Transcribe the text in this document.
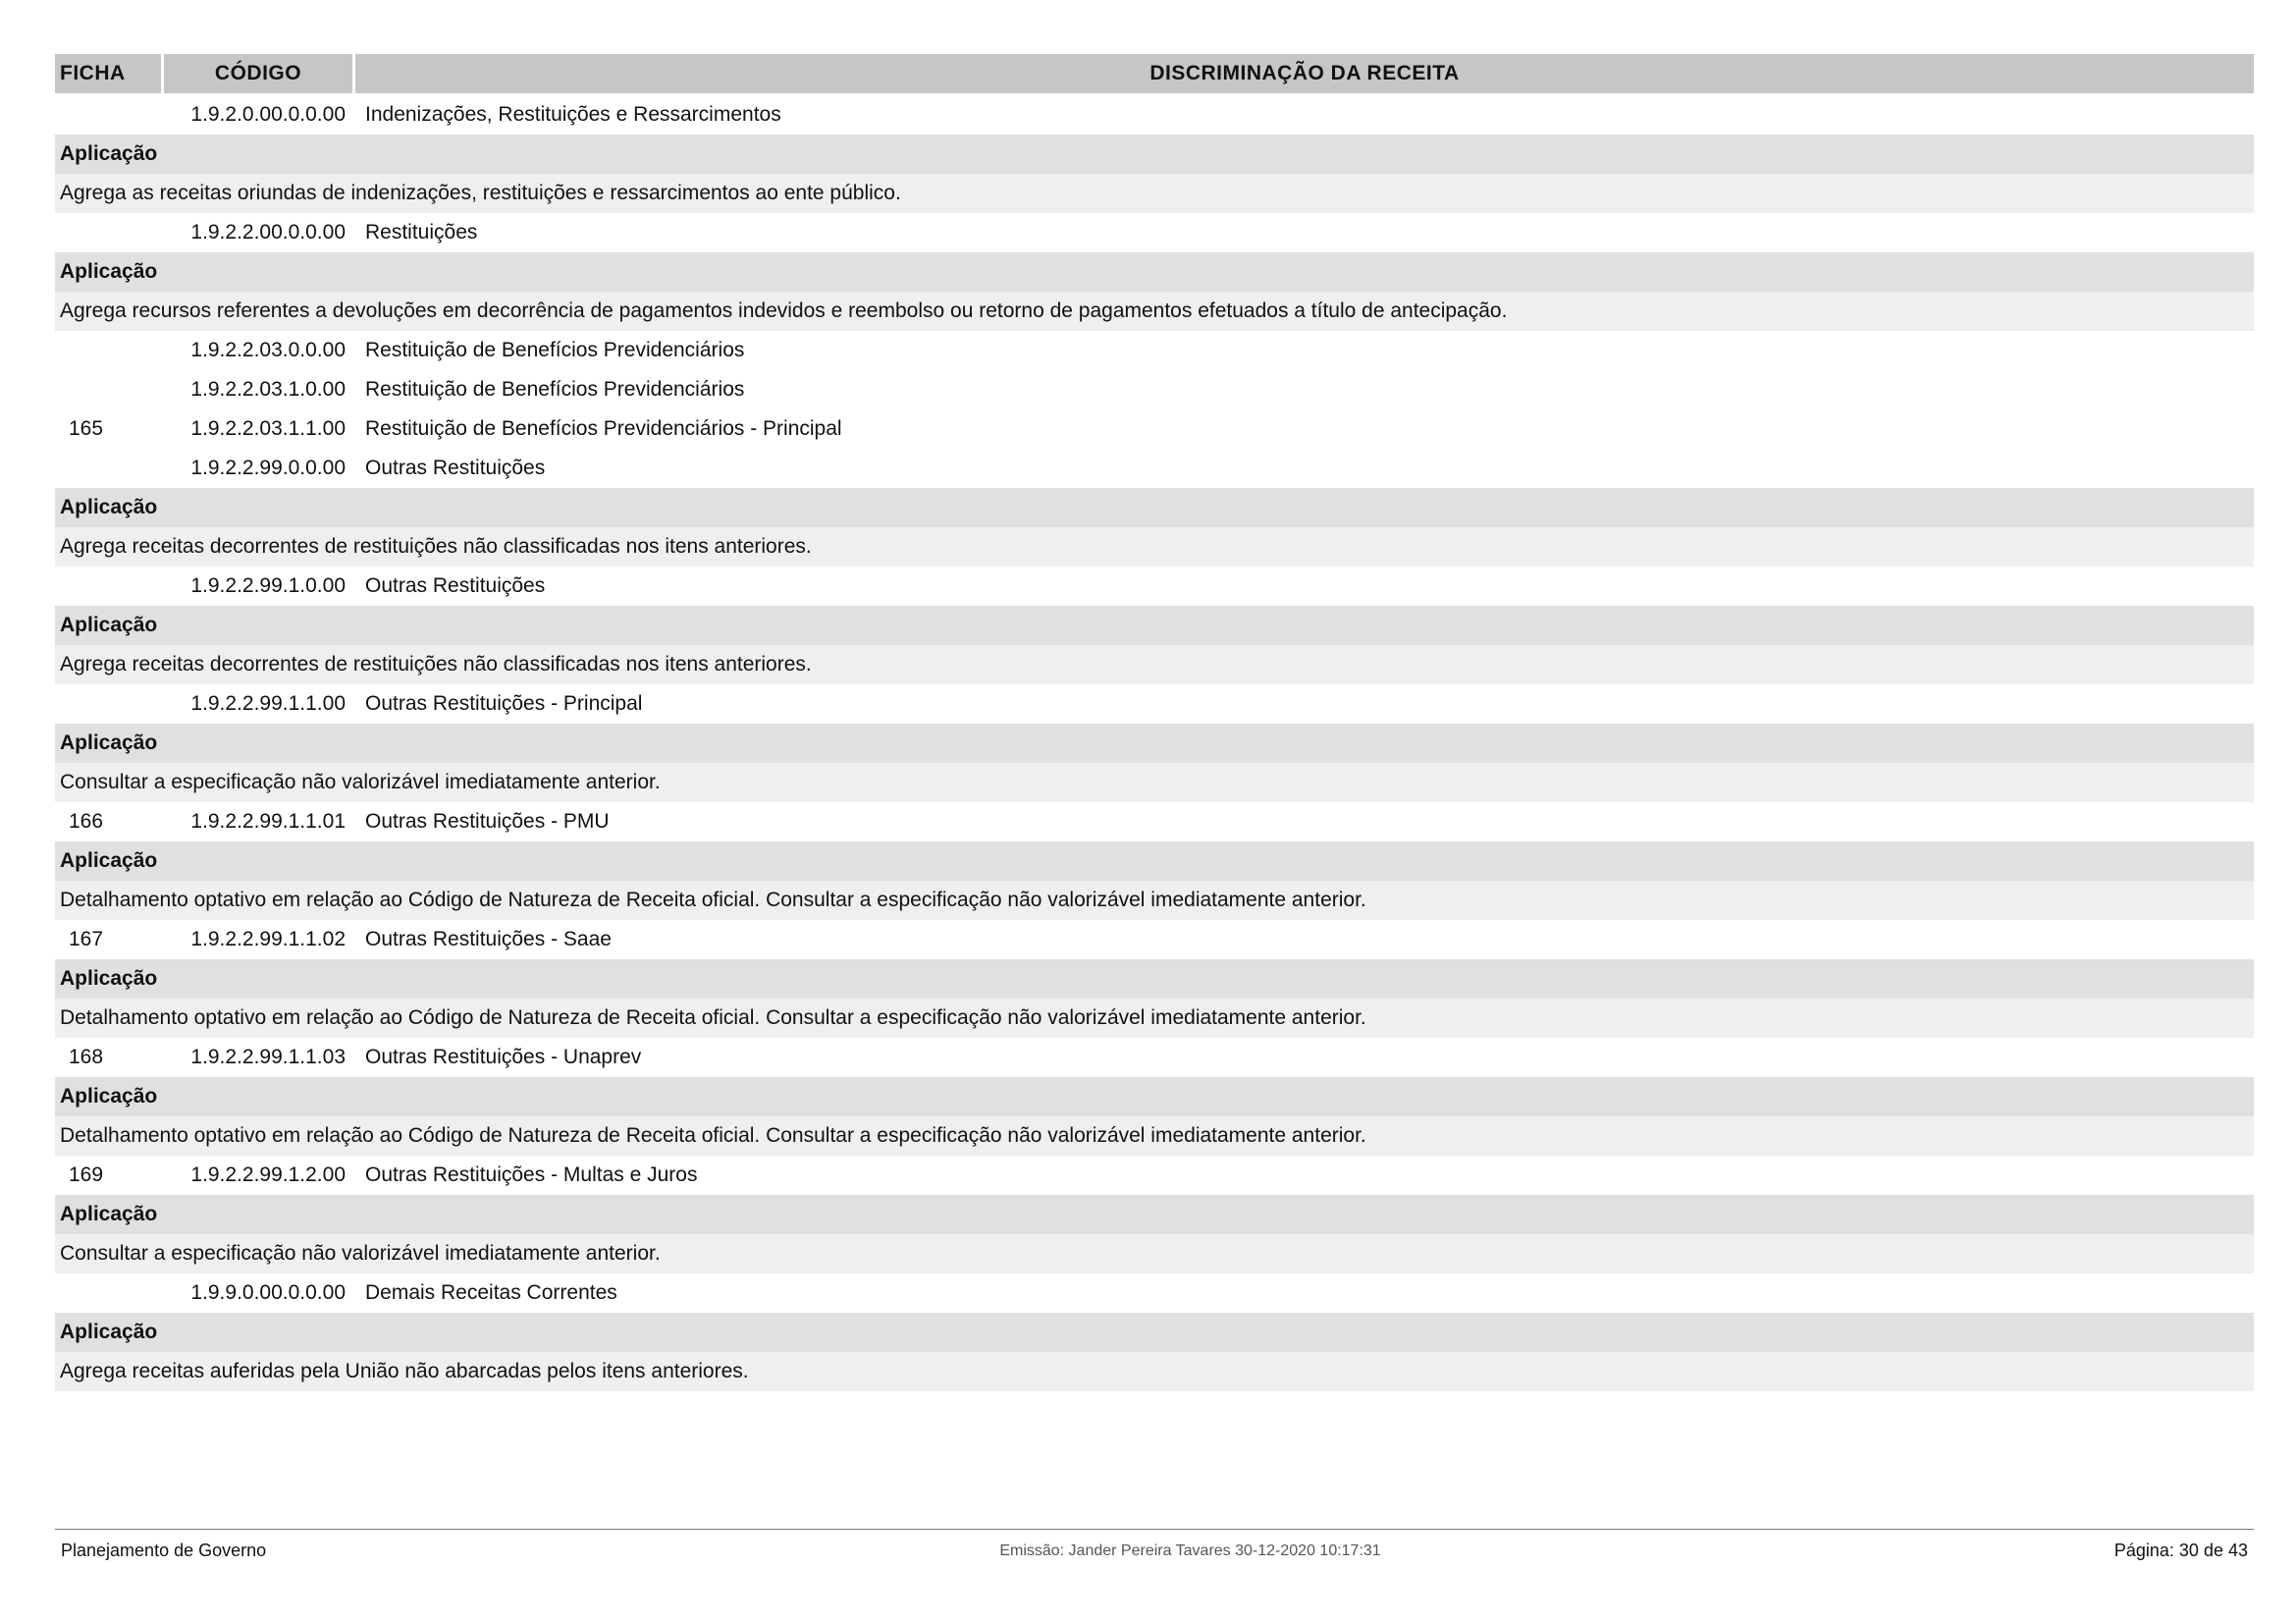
FICHA	CÓDIGO	DISCRIMINAÇÃO DA RECEITA
1.9.2.0.00.0.0.00 Indenizações, Restituições e Ressarcimentos
Aplicação
Agrega as receitas oriundas de indenizações, restituições e ressarcimentos ao ente público.
1.9.2.2.00.0.0.00 Restituições
Aplicação
Agrega recursos referentes a devoluções em decorrência de pagamentos indevidos e reembolso ou retorno de pagamentos efetuados a título de antecipação.
1.9.2.2.03.0.0.00 Restituição de Benefícios Previdenciários
1.9.2.2.03.1.0.00 Restituição de Benefícios Previdenciários
165	1.9.2.2.03.1.1.00 Restituição de Benefícios Previdenciários - Principal
1.9.2.2.99.0.0.00 Outras Restituições
Aplicação
Agrega receitas decorrentes de restituições não classificadas nos itens anteriores.
1.9.2.2.99.1.0.00 Outras Restituições
Aplicação
Agrega receitas decorrentes de restituições não classificadas nos itens anteriores.
1.9.2.2.99.1.1.00 Outras Restituições - Principal
Aplicação
Consultar a especificação não valorizável imediatamente anterior.
166	1.9.2.2.99.1.1.01 Outras Restituições - PMU
Aplicação
Detalhamento optativo em relação ao Código de Natureza de Receita oficial. Consultar a especificação não valorizável imediatamente anterior.
167	1.9.2.2.99.1.1.02 Outras Restituições - Saae
Aplicação
Detalhamento optativo em relação ao Código de Natureza de Receita oficial. Consultar a especificação não valorizável imediatamente anterior.
168	1.9.2.2.99.1.1.03 Outras Restituições - Unaprev
Aplicação
Detalhamento optativo em relação ao Código de Natureza de Receita oficial. Consultar a especificação não valorizável imediatamente anterior.
169	1.9.2.2.99.1.2.00 Outras Restituições - Multas e Juros
Aplicação
Consultar a especificação não valorizável imediatamente anterior.
1.9.9.0.00.0.0.00 Demais Receitas Correntes
Aplicação
Agrega receitas auferidas pela União não abarcadas pelos itens anteriores.
Planejamento de Governo	Emissão: Jander Pereira Tavares 30-12-2020 10:17:31	Página: 30 de 43
